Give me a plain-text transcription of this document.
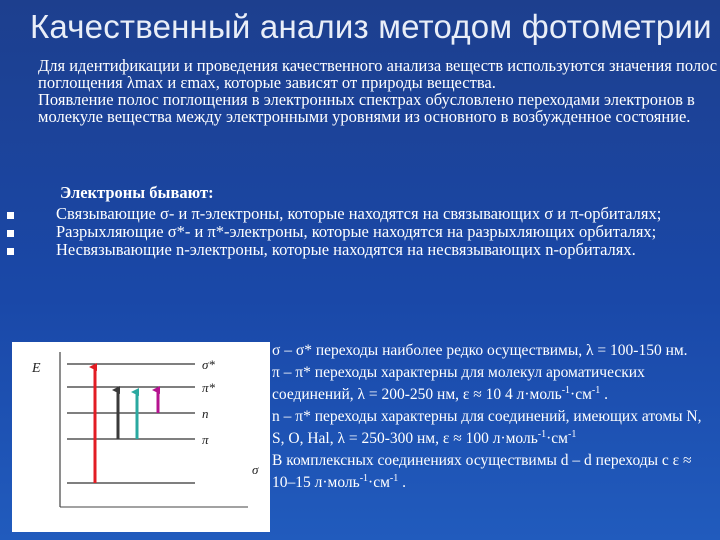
Качественный анализ методом фотометрии

Для идентификации и проведения качественного анализа веществ используются значения полос поглощения λmax и εmax, которые зависят от природы вещества.

Появление полос поглощения в электронных спектрах обусловлено переходами электронов в молекуле вещества между электронными уровнями из основного в возбужденное состояние.

Электроны бывают:
Связывающие σ- и π-электроны, которые находятся на связывающих σ и π-орбиталях;
Разрыхляющие σ*- и π*-электроны, которые находятся на разрыхляющих орбиталях;
Несвязывающие n-электроны, которые находятся на несвязывающих n-орбиталях.
E	σ*
π*
n
π
σ

σ – σ* переходы наиболее редко осуществимы, λ = 100-150 нм.

π – π* переходы характерны для молекул ароматических соединений, λ = 200-250 нм, ε ≈ 10 4 $л\cdot моль^{-1}\cdot см^{-1}$ .

n – π* переходы характерны для соединений, имеющих атомы N, S, O, Hal, λ = 250-300 нм, ε ≈ 100 $л\cdot моль^{-1}\cdot см^{-1}$

В комплексных соединениях осуществимы d – d переходы с ε ≈ 10–15 $л\cdot моль^{-1}\cdot см^{-1}$ .
